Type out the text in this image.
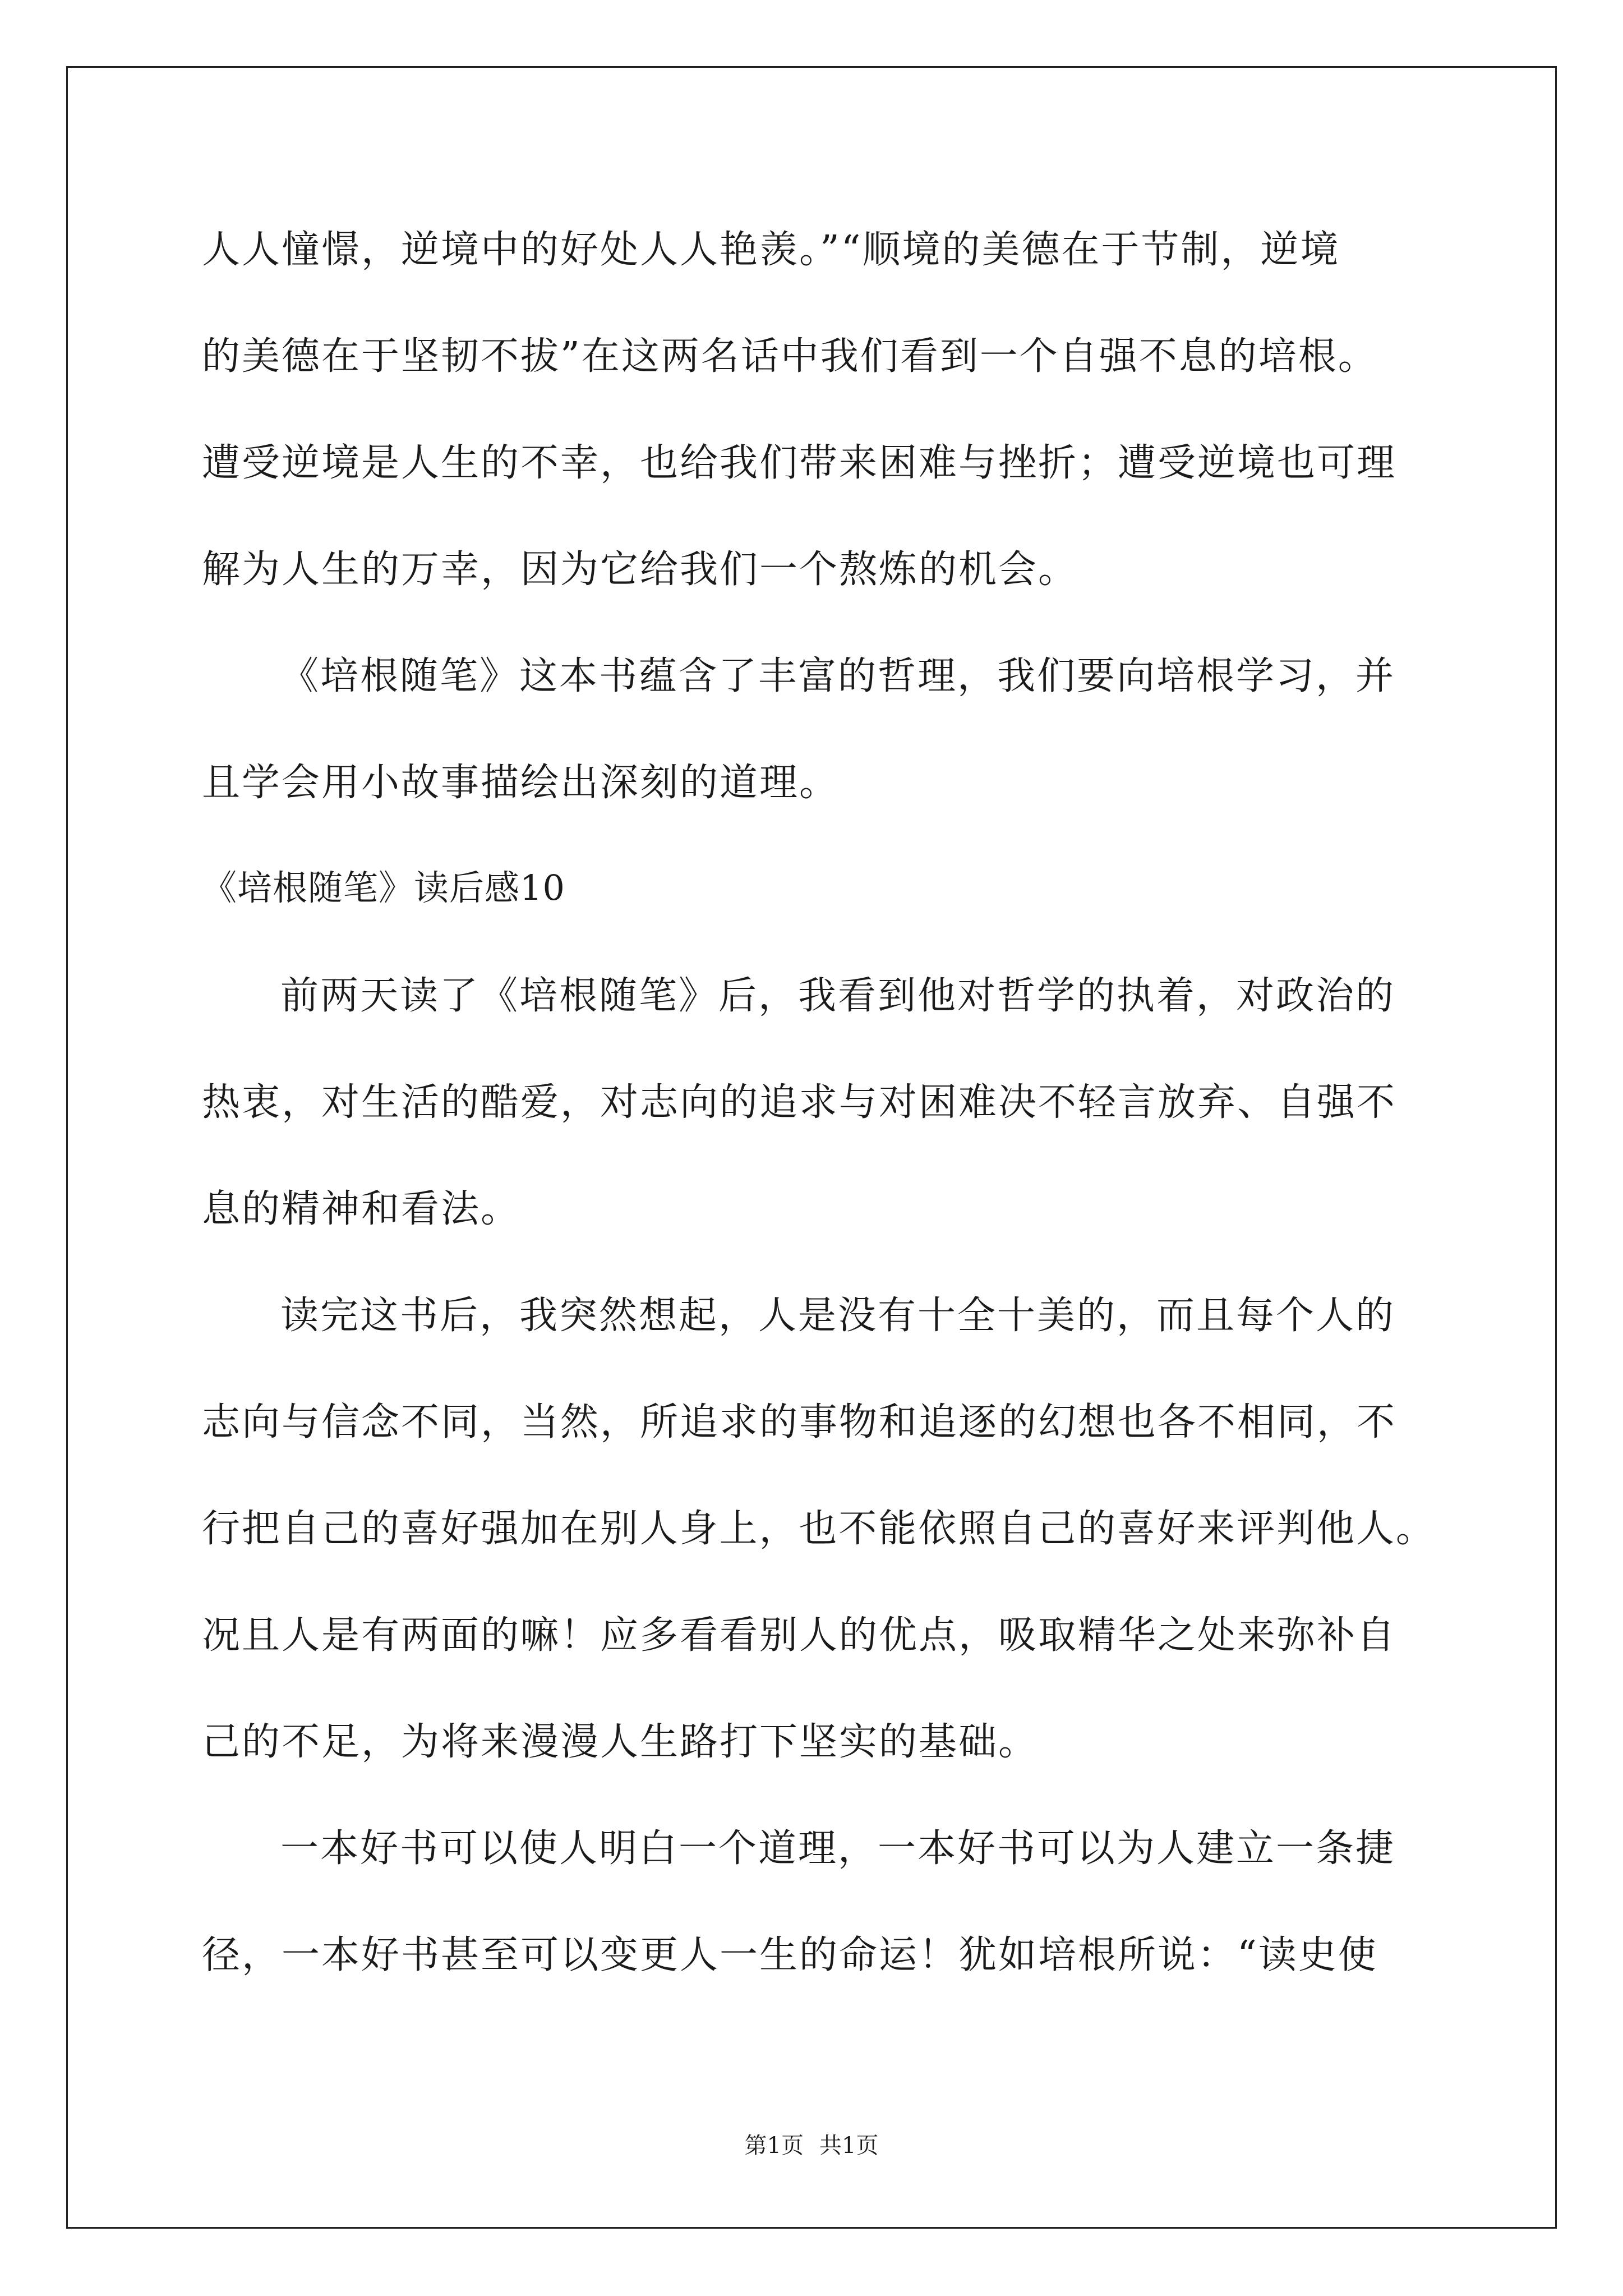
人人憧憬，逆境中的好处人人艳羡。”“顺境的美德在于节制，逆境
的美德在于坚韧不拔”在这两名话中我们看到一个自强不息的培根。
遭受逆境是人生的不幸，也给我们带来困难与挫折；遭受逆境也可理
解为人生的万幸，因为它给我们一个熬炼的机会。
《培根随笔》这本书蕴含了丰富的哲理，我们要向培根学习，并
且学会用小故事描绘出深刻的道理。
《培根随笔》读后感10
前两天读了《培根随笔》后，我看到他对哲学的执着，对政治的
热衷，对生活的酷爱，对志向的追求与对困难决不轻言放弃、自强不
息的精神和看法。
读完这书后，我突然想起，人是没有十全十美的，而且每个人的
志向与信念不同，当然，所追求的事物和追逐的幻想也各不相同，不
行把自己的喜好强加在别人身上，也不能依照自己的喜好来评判他人。
况且人是有两面的嘛！应多看看别人的优点，吸取精华之处来弥补自
己的不足，为将来漫漫人生路打下坚实的基础。
一本好书可以使人明白一个道理，一本好书可以为人建立一条捷
径，一本好书甚至可以变更人一生的命运！犹如培根所说：“读史使
第1页 共1页
